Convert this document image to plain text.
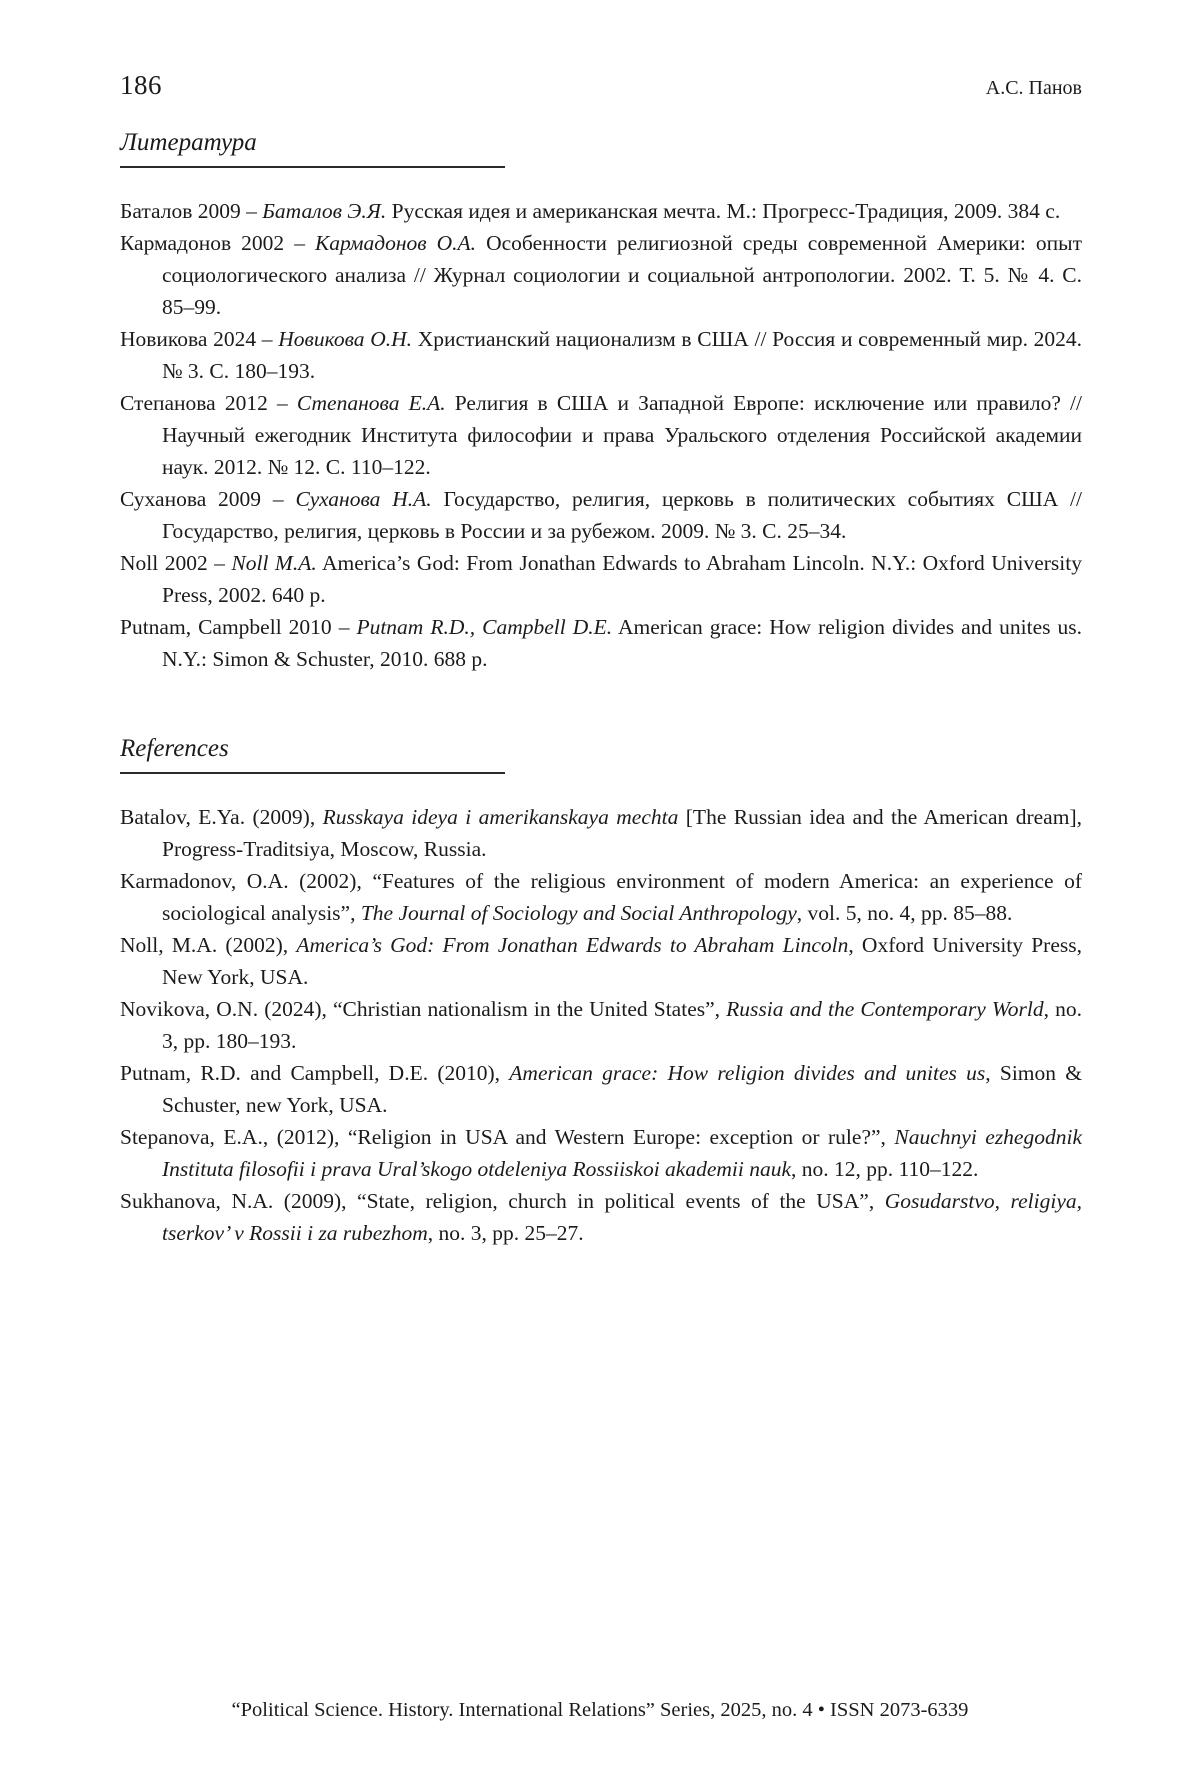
186	А.С. Панов
Литература

Баталов 2009 – Баталов Э.Я. Русская идея и американская мечта. М.: Прогресс-Традиция, 2009. 384 с.

Кармадонов 2002 – Кармадонов О.А. Особенности религиозной среды современной Америки: опыт социологического анализа // Журнал социологии и социальной антропологии. 2002. Т. 5. № 4. С. 85–99.

Новикова 2024 – Новикова О.Н. Христианский национализм в США // Россия и современный мир. 2024. № 3. С. 180–193.

Степанова 2012 – Степанова Е.А. Религия в США и Западной Европе: исключение или правило? // Научный ежегодник Института философии и права Уральского отделения Российской академии наук. 2012. № 12. С. 110–122.

Суханова 2009 – Суханова Н.А. Государство, религия, церковь в политических событиях США // Государство, религия, церковь в России и за рубежом. 2009. № 3. С. 25–34.

Noll 2002 – Noll M.A. America’s God: From Jonathan Edwards to Abraham Lincoln. N.Y.: Oxford University Press, 2002. 640 p.

Putnam, Campbell 2010 – Putnam R.D., Campbell D.E. American grace: How religion divides and unites us. N.Y.: Simon & Schuster, 2010. 688 p.

References

Batalov, E.Ya. (2009), Russkaya ideya i amerikanskaya mechta [The Russian idea and the American dream], Progress-Traditsiya, Moscow, Russia.

Karmadonov, O.A. (2002), “Features of the religious environment of modern America: an experience of sociological analysis”, The Journal of Sociology and Social Anthropology, vol. 5, no. 4, pp. 85–88.

Noll, M.A. (2002), America’s God: From Jonathan Edwards to Abraham Lincoln, Oxford University Press, New York, USA.

Novikova, O.N. (2024), “Christian nationalism in the United States”, Russia and the Contemporary World, no. 3, pp. 180–193.

Putnam, R.D. and Campbell, D.E. (2010), American grace: How religion divides and unites us, Simon & Schuster, new York, USA.

Stepanova, E.A., (2012), “Religion in USA and Western Europe: exception or rule?”, Nauchnyi ezhegodnik Instituta filosofii i prava Ural’skogo otdeleniya Rossiiskoi akademii nauk, no. 12, pp. 110–122.

Sukhanova, N.A. (2009), “State, religion, church in political events of the USA”, Gosudarstvo, religiya, tserkov’ v Rossii i za rubezhom, no. 3, pp. 25–27.

“Political Science. History. International Relations” Series, 2025, no. 4 • ISSN 2073-6339
